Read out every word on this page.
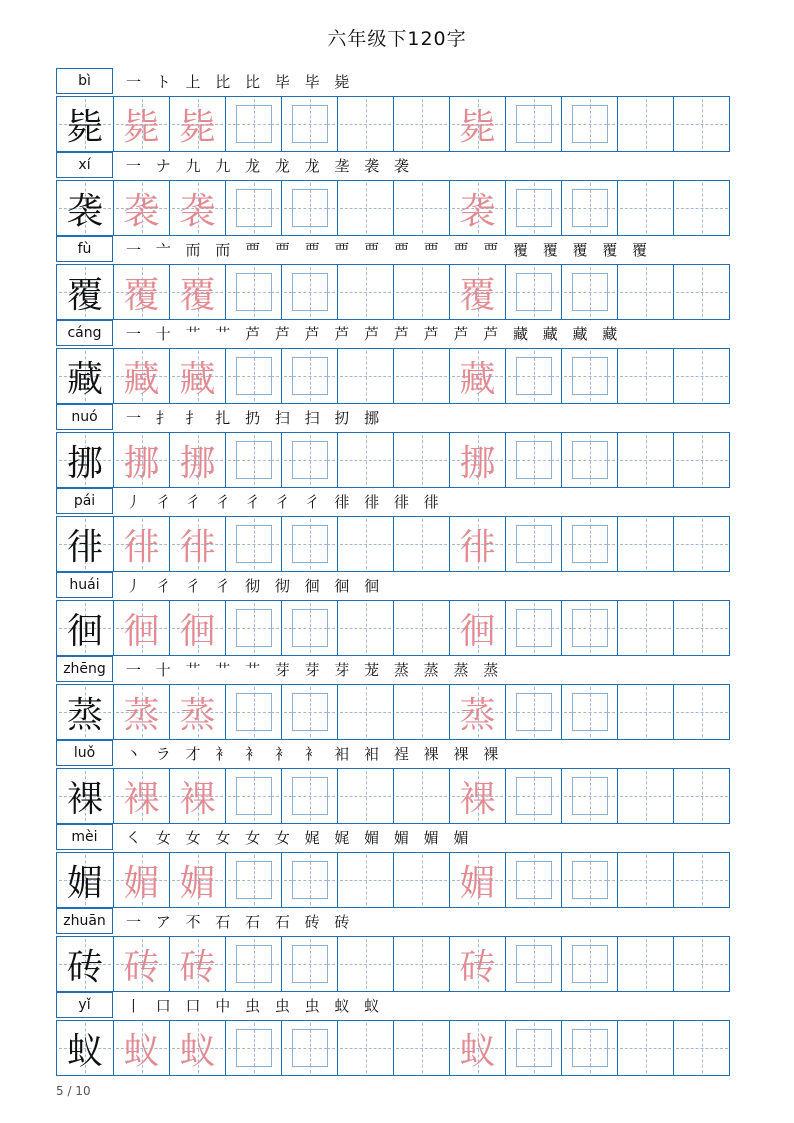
六年级下120字
bì	一 ト 上 比 比 毕 毕 毙
毙 毙 毙	毙
xí	一 ナ 九 九 龙 龙 龙 垄 袭 袭
袭 袭 袭	袭
fù	一 亠 而 而 覀 覀 覀 覀 覀 覀 覀 覀 覀 覆 覆 覆 覆 覆
覆 覆 覆	覆
cáng	一 十 艹 艹 芦 芦 芦 芦 芦 芦 芦 芦 芦 藏 藏 藏 藏
藏 藏 藏	藏
nuó	一 扌 扌 扎 扔 扫 扫 扨 挪
挪 挪 挪	挪
pái	丿 彳 彳 彳 彳 彳 彳 徘 徘 徘 徘
徘 徘 徘	徘
huái	丿 彳 彳 彳 彻 彻 徊 徊 徊
徊 徊 徊	徊
zhēng	一 十 艹 艹 艹 芽 芽 芽 茏 蒸 蒸 蒸 蒸
蒸 蒸 蒸	蒸
luǒ	丶 ラ 才 衤 衤 衤 衤 衵 衵 裎 裸 裸 裸
裸 裸 裸	裸
mèi	㇛ 女 女 女 女 女 娓 娓 媚 媚 媚 媚
媚 媚 媚	媚
zhuān	一 ア 不 石 石 石 砖 砖
砖 砖 砖	砖
yǐ	丨 口 口 中 虫 虫 虫 蚁 蚁
蚁 蚁 蚁	蚁
5 / 10
